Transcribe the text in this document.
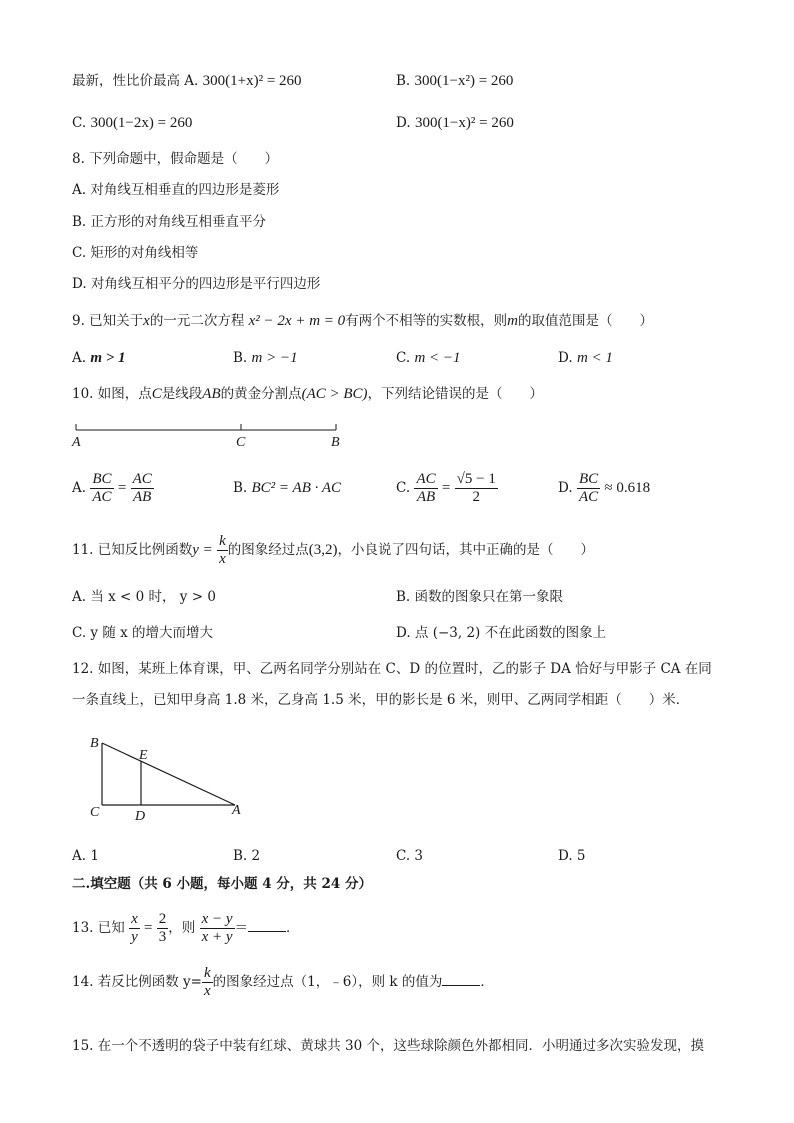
最新，性比价最高 A. 300(1+x)² = 260	B. 300(1−x²) = 260
C. 300(1−2x) = 260	D. 300(1−x)² = 260
8. 下列命题中，假命题是（　　）
A. 对角线互相垂直的四边形是菱形
B. 正方形的对角线互相垂直平分
C. 矩形的对角线相等
D. 对角线互相平分的四边形是平行四边形
9. 已知关于x的一元二次方程 x² − 2x + m = 0有两个不相等的实数根，则m的取值范围是（　　）
A. m > 1	B. m > −1	C. m < −1	D. m < 1
10. 如图，点C是线段AB的黄金分割点(AC > BC)，下列结论错误的是（　　）
A	C	B
A. $\frac{BC}{AC} = \frac{AC}{AB}$	B. BC² = AB · AC	C. $\frac{AC}{AB} = \frac{√5 - 1}{2}$	D. $\frac{BC}{AC} \approx 0.618$
11. 已知反比例函数$y = \frac{k}{x}$ 的图象经过点(3,2)，小良说了四句话，其中正确的是（　　）
A. 当 x < 0 时， y > 0	B. 函数的图象只在第一象限
C. y 随 x 的增大而增大	D. 点 (−3, 2) 不在此函数的图象上
12. 如图，某班上体育课，甲、乙两名同学分别站在 C、D 的位置时，乙的影子 DA 恰好与甲影子 CA 在同
一条直线上，已知甲身高 1.8 米，乙身高 1.5 米，甲的影长是 6 米，则甲、乙两同学相距（　　）米．
B
E
C	D	A
A. 1	B. 2	C. 3	D. 5
二.填空题（共 6 小题，每小题 4 分，共 24 分）
13. 已知 $\frac{x}{y} = \frac{2}{3}$ ，则 $\frac{x - y}{x + y}$ ＝	．
14. 若反比例函数 $y= \frac{k}{x}$ 的图象经过点（1，﹣6），则 k 的值为	．
15. 在一个不透明的袋子中装有红球、黄球共 30 个，这些球除颜色外都相同．小明通过多次实验发现，摸
